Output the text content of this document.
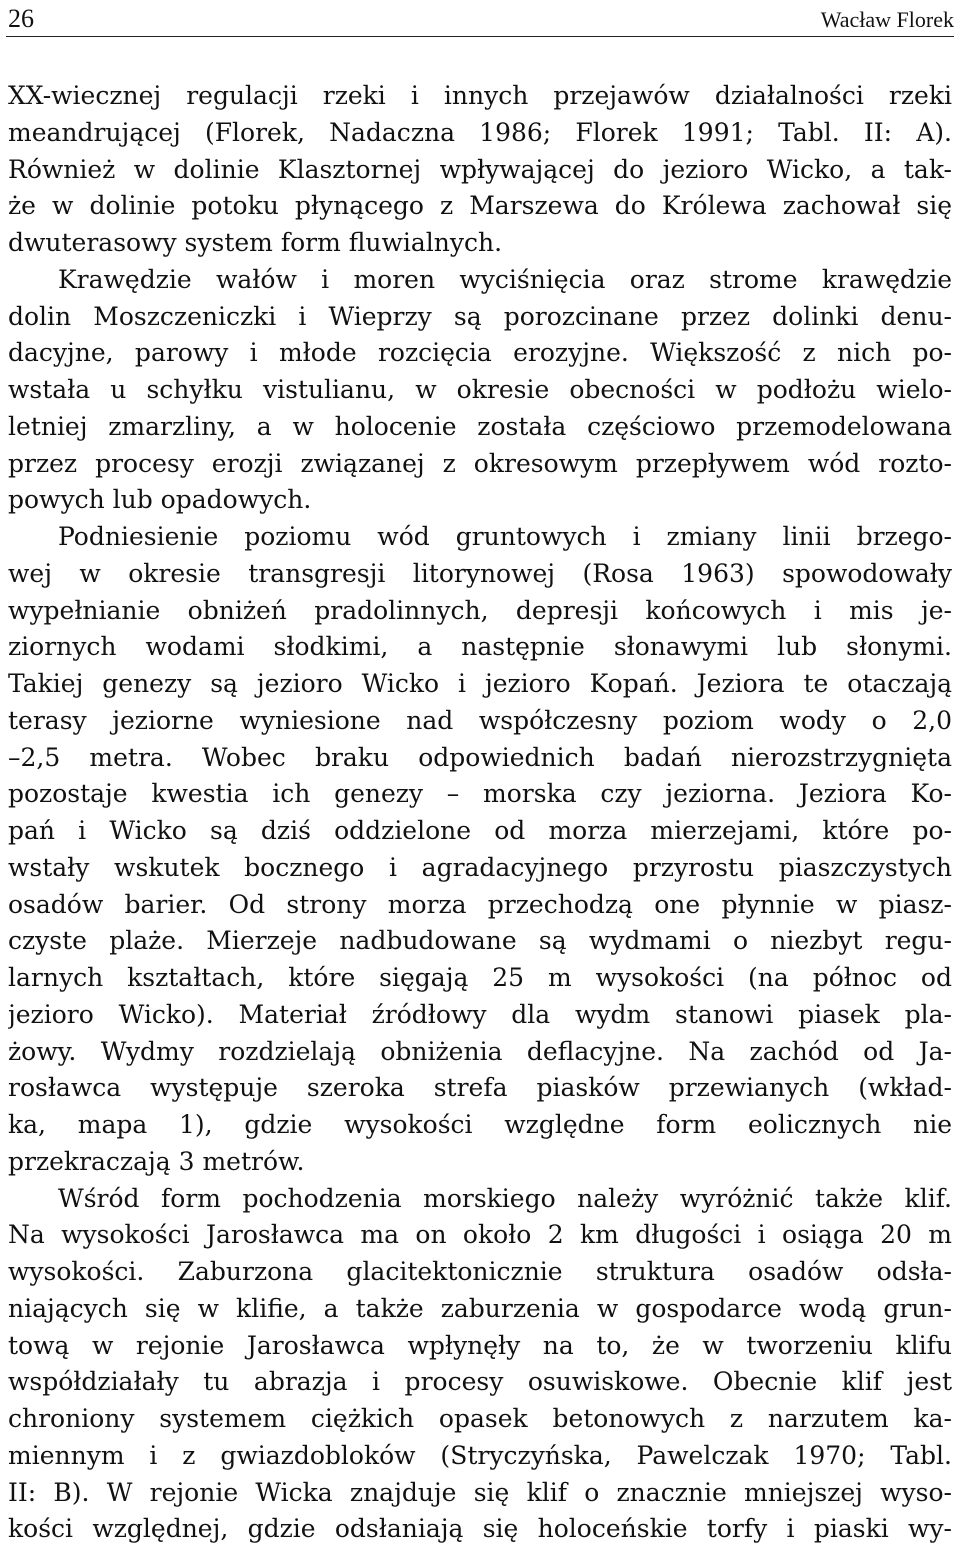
26	Wacław Florek
XX-wiecznej regulacji rzeki i innych przejawów działalności rzeki
meandrującej (Florek, Nadaczna 1986; Florek 1991; Tabl. II: A).
Również w dolinie Klasztornej wpływającej do jezioro Wicko, a tak-
że w dolinie potoku płynącego z Marszewa do Królewa zachował się
dwuterasowy system form fluwialnych.
Krawędzie wałów i moren wyciśnięcia oraz strome krawędzie
dolin Moszczeniczki i Wieprzy są porozcinane przez dolinki denu-
dacyjne, parowy i młode rozcięcia erozyjne. Większość z nich po-
wstała u schyłku vistulianu, w okresie obecności w podłożu wielo-
letniej zmarzliny, a w holocenie została częściowo przemodelowana
przez procesy erozji związanej z okresowym przepływem wód rozto-
powych lub opadowych.
Podniesienie poziomu wód gruntowych i zmiany linii brzego-
wej w okresie transgresji litorynowej (Rosa 1963) spowodowały
wypełnianie obniżeń pradolinnych, depresji końcowych i mis je-
ziornych wodami słodkimi, a następnie słonawymi lub słonymi.
Takiej genezy są jezioro Wicko i jezioro Kopań. Jeziora te otaczają
terasy jeziorne wyniesione nad współczesny poziom wody o 2,0
–2,5 metra. Wobec braku odpowiednich badań nierozstrzygnięta
pozostaje kwestia ich genezy – morska czy jeziorna. Jeziora Ko-
pań i Wicko są dziś oddzielone od morza mierzejami, które po-
wstały wskutek bocznego i agradacyjnego przyrostu piaszczystych
osadów barier. Od strony morza przechodzą one płynnie w piasz-
czyste plaże. Mierzeje nadbudowane są wydmami o niezbyt regu-
larnych kształtach, które sięgają 25 m wysokości (na północ od
jezioro Wicko). Materiał źródłowy dla wydm stanowi piasek pla-
żowy. Wydmy rozdzielają obniżenia deflacyjne. Na zachód od Ja-
rosławca występuje szeroka strefa piasków przewianych (wkład-
ka, mapa 1), gdzie wysokości względne form eolicznych nie
przekraczają 3 metrów.
Wśród form pochodzenia morskiego należy wyróżnić także klif.
Na wysokości Jarosławca ma on około 2 km długości i osiąga 20 m
wysokości. Zaburzona glacitektonicznie struktura osadów odsła-
niających się w klifie, a także zaburzenia w gospodarce wodą grun-
tową w rejonie Jarosławca wpłynęły na to, że w tworzeniu klifu
współdziałały tu abrazja i procesy osuwiskowe. Obecnie klif jest
chroniony systemem ciężkich opasek betonowych z narzutem ka-
miennym i z gwiazdobloków (Stryczyńska, Pawelczak 1970; Tabl.
II: B). W rejonie Wicka znajduje się klif o znacznie mniejszej wyso-
kości względnej, gdzie odsłaniają się holoceńskie torfy i piaski wy-
